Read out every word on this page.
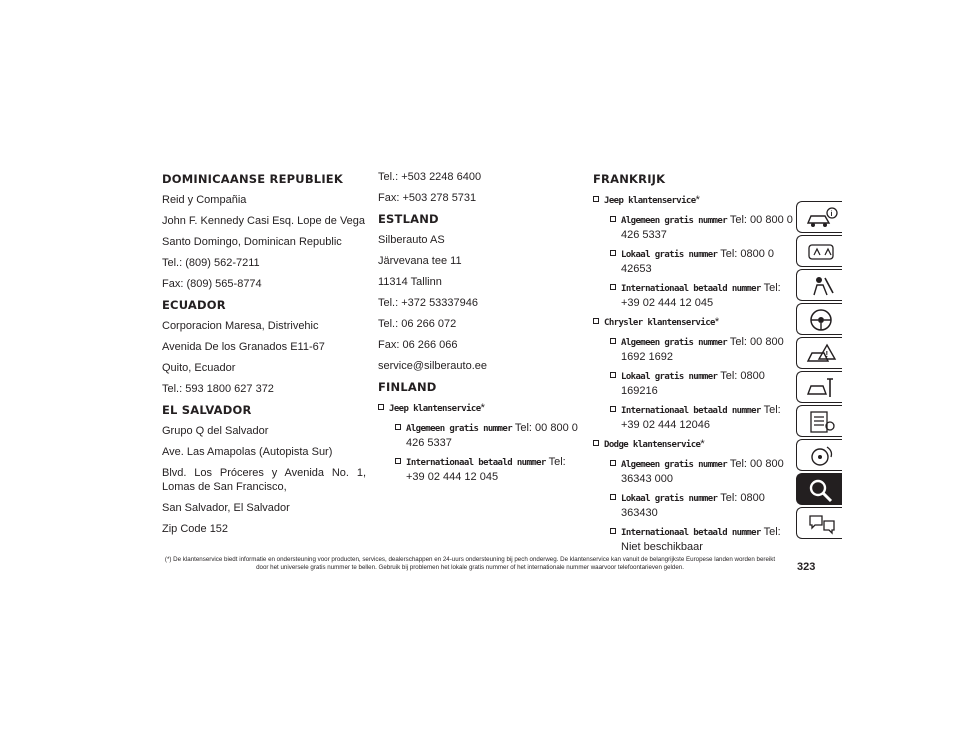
DOMINICAANSE REPUBLIEK
Reid y Compañia
John F. Kennedy Casi Esq. Lope de Vega
Santo Domingo, Dominican Republic
Tel.: (809) 562-7211
Fax: (809) 565-8774
ECUADOR
Corporacion Maresa, Distrivehic
Avenida De los Granados E11-67
Quito, Ecuador
Tel.: 593 1800 627 372
EL SALVADOR
Grupo Q del Salvador
Ave. Las Amapolas (Autopista Sur)
Blvd. Los Próceres y Avenida No. 1, Lomas de San Francisco,
San Salvador, El Salvador
Zip Code 152
Tel.: +503 2248 6400
Fax: +503 278 5731
ESTLAND
Silberauto AS
Järvevana tee 11
11314 Tallinn
Tel.: +372 53337946
Tel.: 06 266 072
Fax: 06 266 066
service@silberauto.ee
FINLAND
Jeep klantenservice*
Algemeen gratis nummer Tel: 00 800 0 426 5337
Internationaal betaald nummer Tel: +39 02 444 12 045
FRANKRIJK
Jeep klantenservice*
Algemeen gratis nummer Tel: 00 800 0 426 5337
Lokaal gratis nummer Tel: 0800 0 42653
Internationaal betaald nummer Tel: +39 02 444 12 045
Chrysler klantenservice*
Algemeen gratis nummer Tel: 00 800 1692 1692
Lokaal gratis nummer Tel: 0800 169216
Internationaal betaald nummer Tel: +39 02 444 12046
Dodge klantenservice*
Algemeen gratis nummer Tel: 00 800 36343 000
Lokaal gratis nummer Tel: 0800 363430
Internationaal betaald nummer Tel: Niet beschikbaar
i
!
(*) De klantenservice biedt informatie en ondersteuning voor producten, services, dealerschappen en 24-uurs ondersteuning bij pech onderweg. De klantenservice kan vanuit de belangrijkste Europese landen worden bereikt door het universele gratis nummer te bellen. Gebruik bij problemen het lokale gratis nummer of het internationale nummer waarvoor telefoontarieven gelden.	323
